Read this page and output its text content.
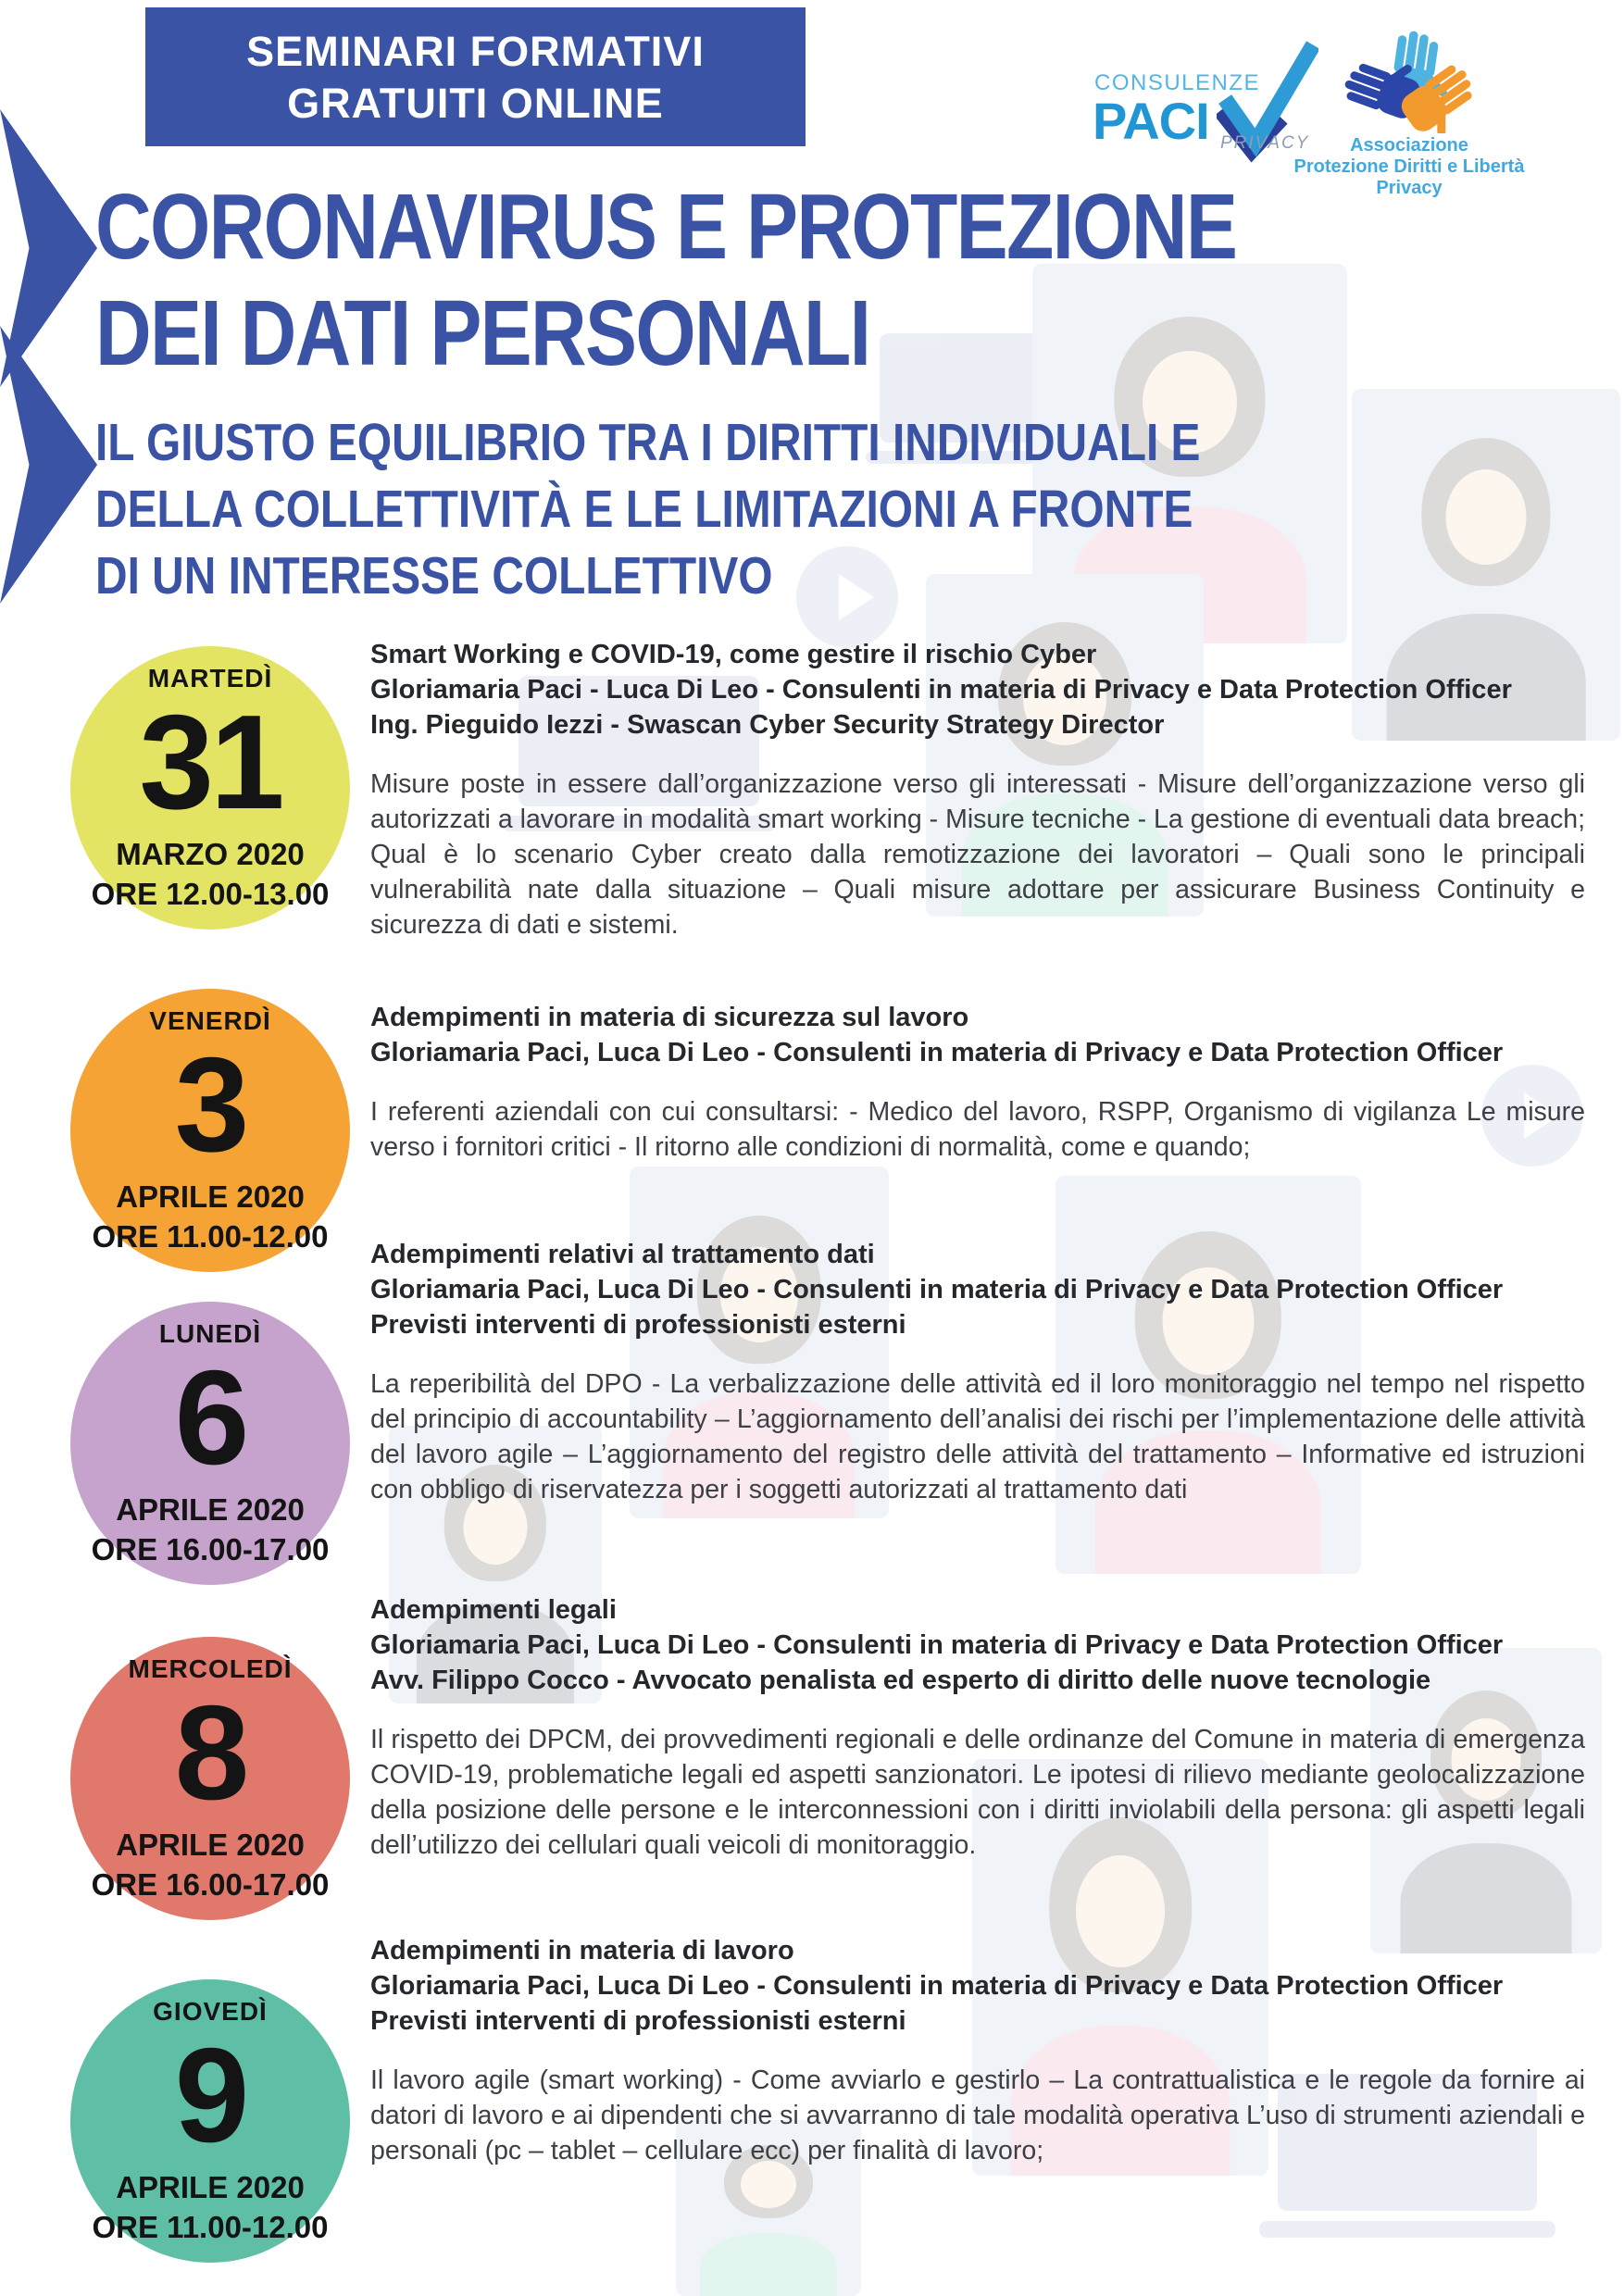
SEMINARI FORMATIVI
GRATUITI ONLINE	CONSULENZE
PACI PRIVACY	Associazione
Protezione Diritti e Libertà
Privacy
CORONAVIRUS E PROTEZIONE
DEI DATI PERSONALI
IL GIUSTO EQUILIBRIO TRA I DIRITTI INDIVIDUALI E
DELLA COLLETTIVITÀ E LE LIMITAZIONI A FRONTE
DI UN INTERESSE COLLETTIVO
MARTEDÌ
31
MARZO 2020
ORE 12.00-13.00
VENERDÌ
3
APRILE 2020
ORE 11.00-12.00
LUNEDÌ
6
APRILE 2020
ORE 16.00-17.00
MERCOLEDÌ
8
APRILE 2020
ORE 16.00-17.00
GIOVEDÌ
9
APRILE 2020
ORE 11.00-12.00
Smart Working e COVID-19, come gestire il rischio Cyber
Gloriamaria Paci - Luca Di Leo - Consulenti in materia di Privacy e Data Protection Officer
Ing. Pieguido Iezzi - Swascan Cyber Security Strategy Director
Misure poste in essere dall’organizzazione verso gli interessati - Misure dell’organizzazione verso gli autorizzati a lavorare in modalità smart working - Misure tecniche - La gestione di eventuali data breach; Qual è lo scenario Cyber creato dalla remotizzazione dei lavoratori – Quali sono le principali vulnerabilità nate dalla situazione – Quali misure adottare per assicurare Business Continuity e sicurezza di dati e sistemi.
Adempimenti in materia di sicurezza sul lavoro
Gloriamaria Paci, Luca Di Leo - Consulenti in materia di Privacy e Data Protection Officer
I referenti aziendali con cui consultarsi: - Medico del lavoro, RSPP, Organismo di vigilanza Le misure verso i fornitori critici - Il ritorno alle condizioni di normalità, come e quando;
Adempimenti relativi al trattamento dati
Gloriamaria Paci, Luca Di Leo - Consulenti in materia di Privacy e Data Protection Officer
Previsti interventi di professionisti esterni
La reperibilità del DPO - La verbalizzazione delle attività ed il loro monitoraggio nel tempo nel rispetto del principio di accountability – L’aggiornamento dell’analisi dei rischi per l’implementazione delle attività del lavoro agile – L’aggiornamento del registro delle attività del trattamento – Informative ed istruzioni con obbligo di riservatezza per i soggetti autorizzati al trattamento dati
Adempimenti legali
Gloriamaria Paci, Luca Di Leo - Consulenti in materia di Privacy e Data Protection Officer
Avv. Filippo Cocco - Avvocato penalista ed esperto di diritto delle nuove tecnologie
Il rispetto dei DPCM, dei provvedimenti regionali e delle ordinanze del Comune in materia di emergenza COVID-19, problematiche legali ed aspetti sanzionatori. Le ipotesi di rilievo mediante geolocalizzazione della posizione delle persone e le interconnessioni con i diritti inviolabili della persona: gli aspetti legali dell’utilizzo dei cellulari quali veicoli di monitoraggio.
Adempimenti in materia di lavoro
Gloriamaria Paci, Luca Di Leo - Consulenti in materia di Privacy e Data Protection Officer
Previsti interventi di professionisti esterni
Il lavoro agile (smart working) - Come avviarlo e gestirlo – La contrattualistica e le regole da fornire ai datori di lavoro e ai dipendenti che si avvarranno di tale modalità operativa L’uso di strumenti aziendali e personali (pc – tablet – cellulare ecc) per finalità di lavoro;
